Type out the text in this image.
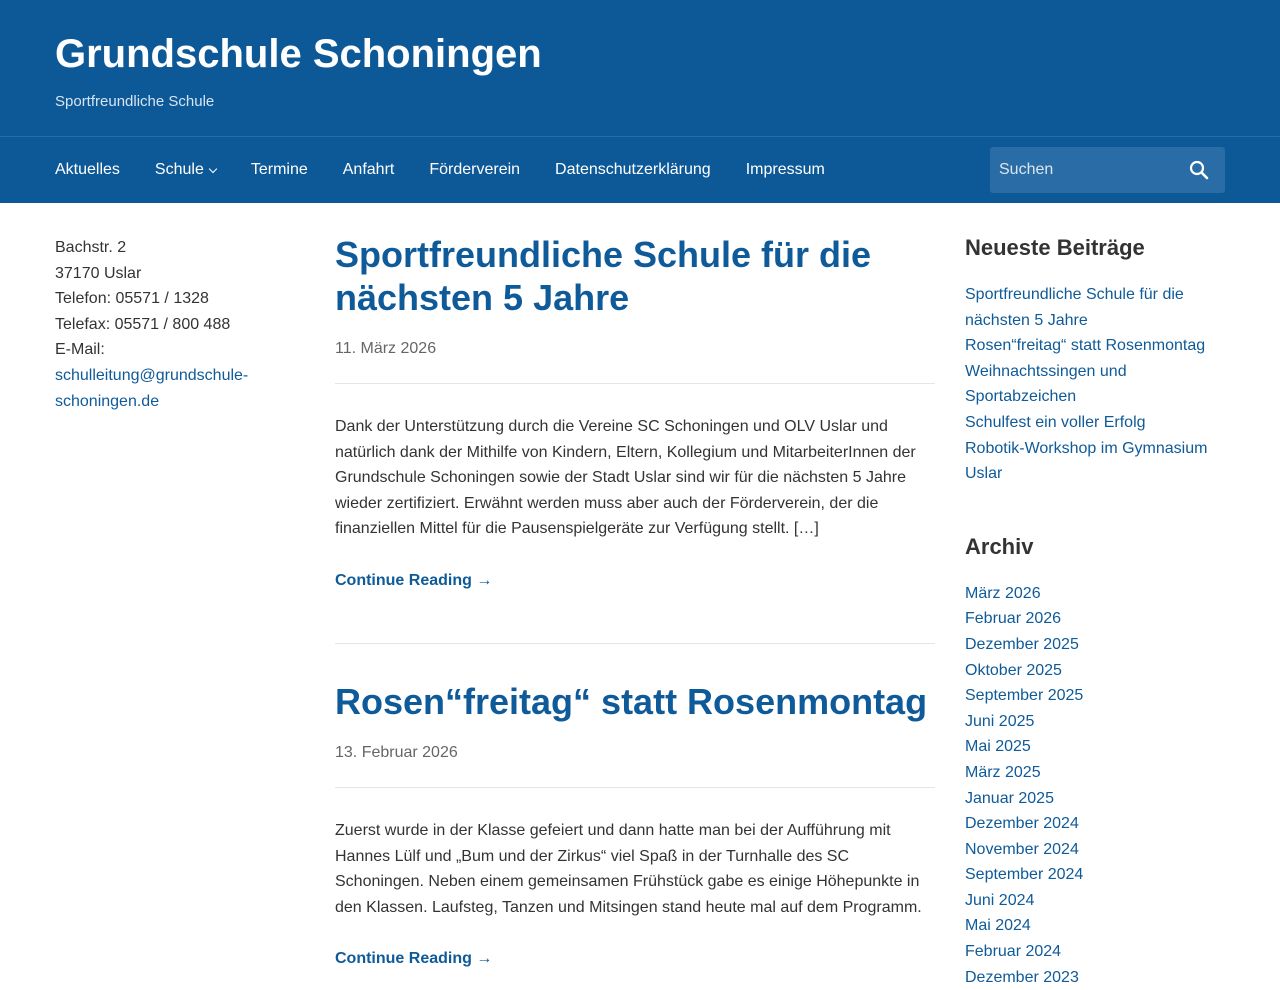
Grundschule Schoningen
Sportfreundliche Schule
Aktuelles Schule	Termine Anfahrt Förderverein Datenschutzerklärung Impressum
Suchen
Bachstr. 2
37170 Uslar
Telefon: 05571 / 1328
Telefax: 05571 / 800 488
E-Mail:
schulleitung@grundschule-
schoningen.de
Sportfreundliche Schule für die nächsten 5 Jahre
11. März 2026

Dank der Unterstützung durch die Vereine SC Schoningen und OLV Uslar und natürlich dank der Mithilfe von Kindern, Eltern, Kollegium und MitarbeiterInnen der Grundschule Schoningen sowie der Stadt Uslar sind wir für die nächsten 5 Jahre wieder zertifiziert. Erwähnt werden muss aber auch der Förderverein, der die finanziellen Mittel für die Pausenspielgeräte zur Verfügung stellt. […]

Continue Reading →
Rosen“freitag“ statt Rosenmontag
13. Februar 2026

Zuerst wurde in der Klasse gefeiert und dann hatte man bei der Aufführung mit Hannes Lülf und „Bum und der Zirkus“ viel Spaß in der Turnhalle des SC Schoningen. Neben einem gemeinsamen Frühstück gabe es einige Höhepunkte in den Klassen. Laufsteg, Tanzen und Mitsingen stand heute mal auf dem Programm.

Continue Reading →
Neueste Beiträge
Sportfreundliche Schule für die nächsten 5 Jahre
Rosen“freitag“ statt Rosenmontag
Weihnachtssingen und Sportabzeichen
Schulfest ein voller Erfolg
Robotik-Workshop im Gymnasium Uslar
Archiv
März 2026
Februar 2026
Dezember 2025
Oktober 2025
September 2025
Juni 2025
Mai 2025
März 2025
Januar 2025
Dezember 2024
November 2024
September 2024
Juni 2024
Mai 2024
Februar 2024
Dezember 2023
